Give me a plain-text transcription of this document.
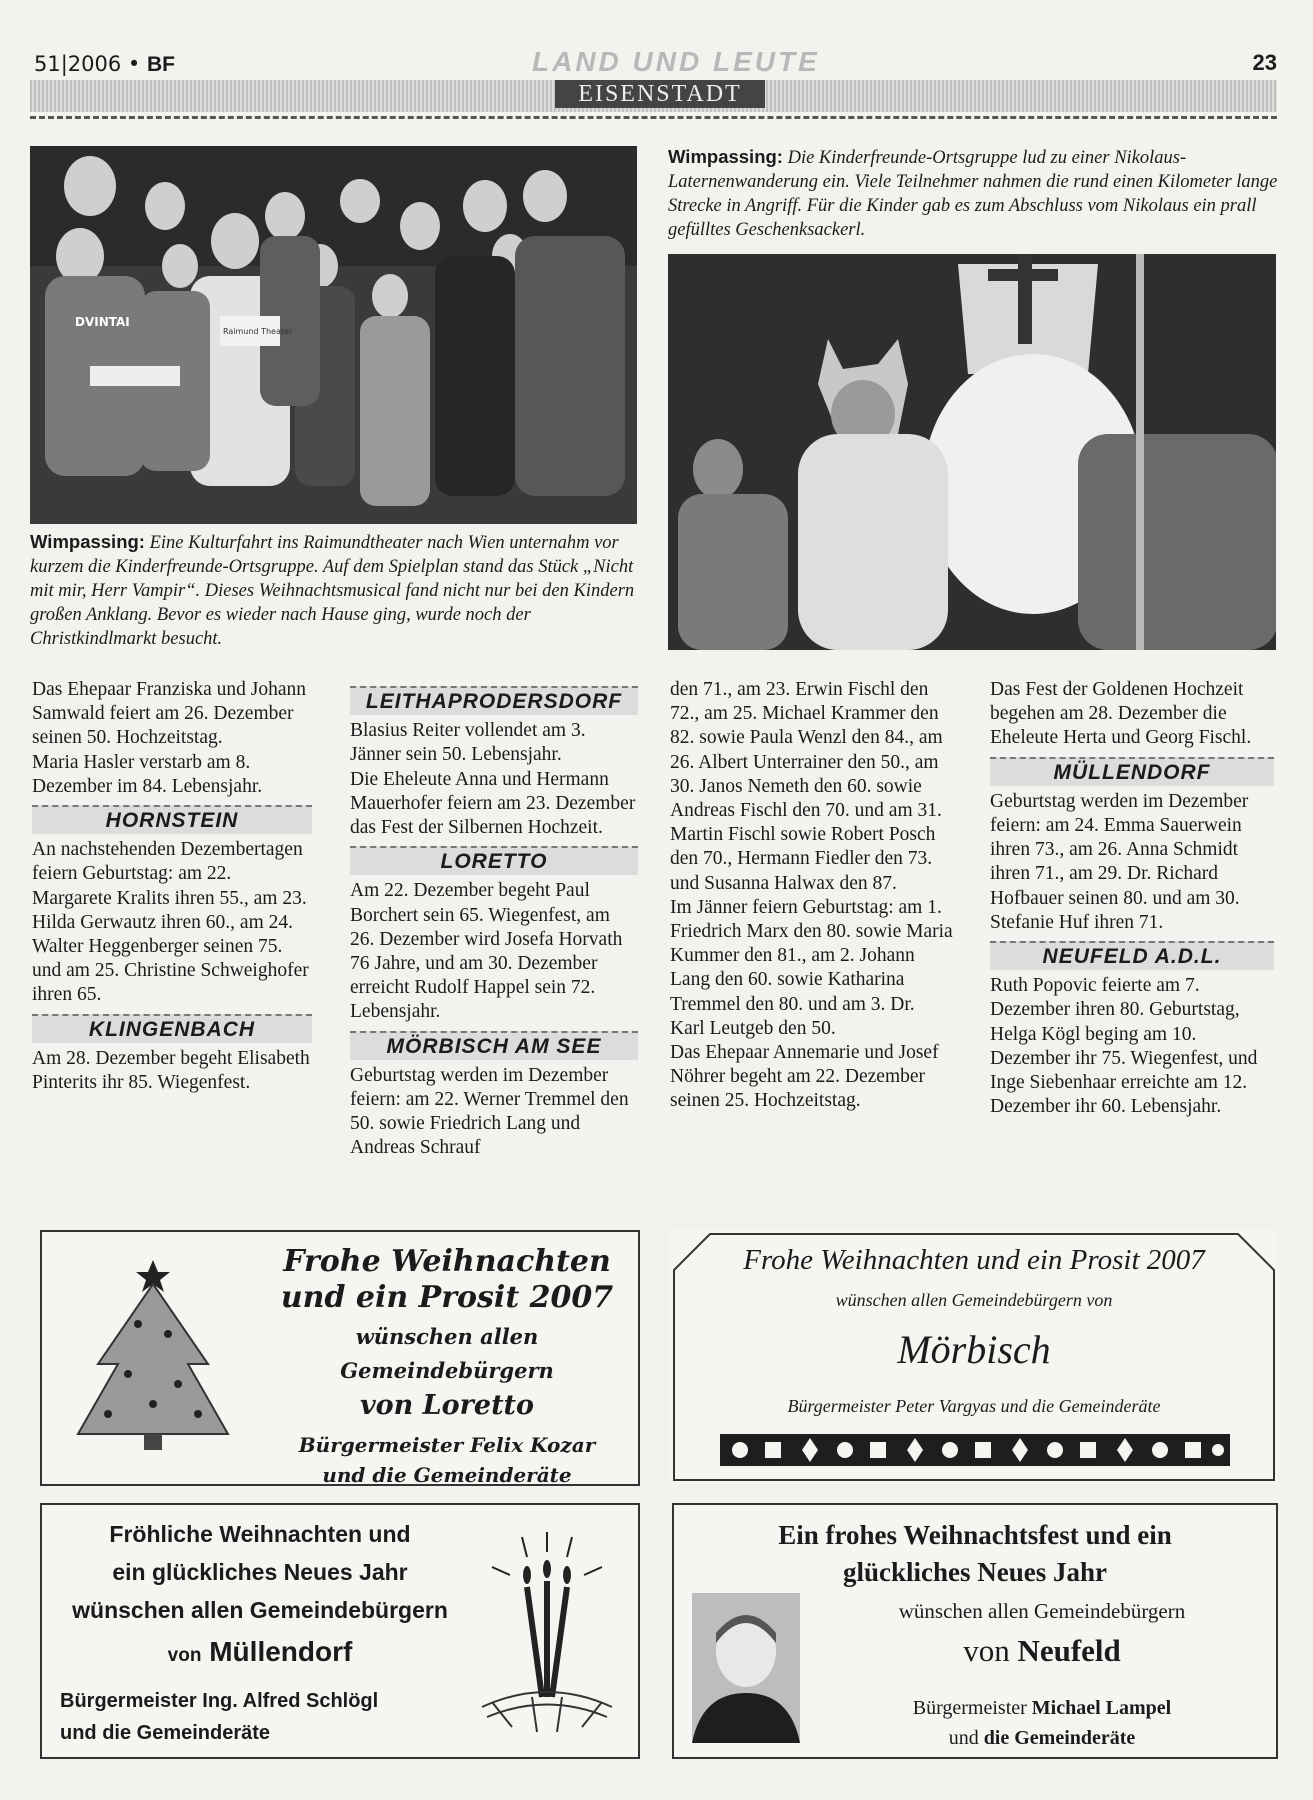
51|2006 • BF	LAND UND LEUTE	23
EISENSTADT
Raimund Theater
DVINTAI
Wimpassing: Eine Kulturfahrt ins Raimundtheater nach Wien unternahm vor kurzem die Kinderfreunde-Ortsgruppe. Auf dem Spielplan stand das Stück „Nicht mit mir, Herr Vampir“. Dieses Weihnachtsmusical fand nicht nur bei den Kindern großen Anklang. Bevor es wieder nach Hause ging, wurde noch der Christkindlmarkt besucht.
Wimpassing: Die Kinderfreunde-Ortsgruppe lud zu einer Nikolaus-Laternenwanderung ein. Viele Teilnehmer nahmen die rund einen Kilometer lange Strecke in Angriff. Für die Kinder gab es zum Abschluss vom Nikolaus ein prall gefülltes Geschenksackerl.

Das Ehepaar Franziska und Johann Samwald feiert am 26. Dezember seinen 50. Hochzeitstag.

Maria Hasler verstarb am 8. Dezember im 84. Lebensjahr.

HORNSTEIN

An nachstehenden Dezembertagen feiern Geburtstag: am 22. Margarete Kralits ihren 55., am 23. Hilda Gerwautz ihren 60., am 24. Walter Heggenberger seinen 75. und am 25. Christine Schweighofer ihren 65.

KLINGENBACH

Am 28. Dezember begeht Elisabeth Pinterits ihr 85. Wiegenfest.

LEITHAPRODERSDORF

Blasius Reiter vollendet am 3. Jänner sein 50. Lebensjahr.

Die Eheleute Anna und Hermann Mauerhofer feiern am 23. Dezember das Fest der Silbernen Hochzeit.

LORETTO

Am 22. Dezember begeht Paul Borchert sein 65. Wiegenfest, am 26. Dezember wird Josefa Horvath 76 Jahre, und am 30. Dezember erreicht Rudolf Happel sein 72. Lebensjahr.

MÖRBISCH AM SEE

Geburtstag werden im Dezember feiern: am 22. Werner Tremmel den 50. sowie Friedrich Lang und Andreas Schrauf

den 71., am 23. Erwin Fischl den 72., am 25. Michael Krammer den 82. sowie Paula Wenzl den 84., am 26. Albert Unterrainer den 50., am 30. Janos Nemeth den 60. sowie Andreas Fischl den 70. und am 31. Martin Fischl sowie Robert Posch den 70., Hermann Fiedler den 73. und Susanna Halwax den 87.

Im Jänner feiern Geburtstag: am 1. Friedrich Marx den 80. sowie Maria Kummer den 81., am 2. Johann Lang den 60. sowie Katharina Tremmel den 80. und am 3. Dr. Karl Leutgeb den 50.

Das Ehepaar Annemarie und Josef Nöhrer begeht am 22. Dezember seinen 25. Hochzeitstag.

Das Fest der Goldenen Hochzeit begehen am 28. Dezember die Eheleute Herta und Georg Fischl.

MÜLLENDORF

Geburtstag werden im Dezember feiern: am 24. Emma Sauerwein ihren 73., am 26. Anna Schmidt ihren 71., am 29. Dr. Richard Hofbauer seinen 80. und am 30. Stefanie Huf ihren 71.

NEUFELD A.D.L.

Ruth Popovic feierte am 7. Dezember ihren 80. Geburtstag, Helga Kögl beging am 10. Dezember ihr 75. Wiegenfest, und Inge Siebenhaar erreichte am 12. Dezember ihr 60. Lebensjahr.

Frohe Weihnachten
und ein Prosit 2007
wünschen allen Gemeindebürgern
von Loretto
Bürgermeister Felix Kozar
und die Gemeinderäte
Frohe Weihnachten und ein Prosit 2007
wünschen allen Gemeindebürgern von
Mörbisch
Bürgermeister Peter Vargyas und die Gemeinderäte
Fröhliche Weihnachten und
ein glückliches Neues Jahr
wünschen allen Gemeindebürgern
von Müllendorf
Bürgermeister Ing. Alfred Schlögl
und die Gemeinderäte
Ein frohes Weihnachtsfest und ein
glückliches Neues Jahr
wünschen allen Gemeindebürgern
von Neufeld
Bürgermeister Michael Lampel
und die Gemeinderäte
